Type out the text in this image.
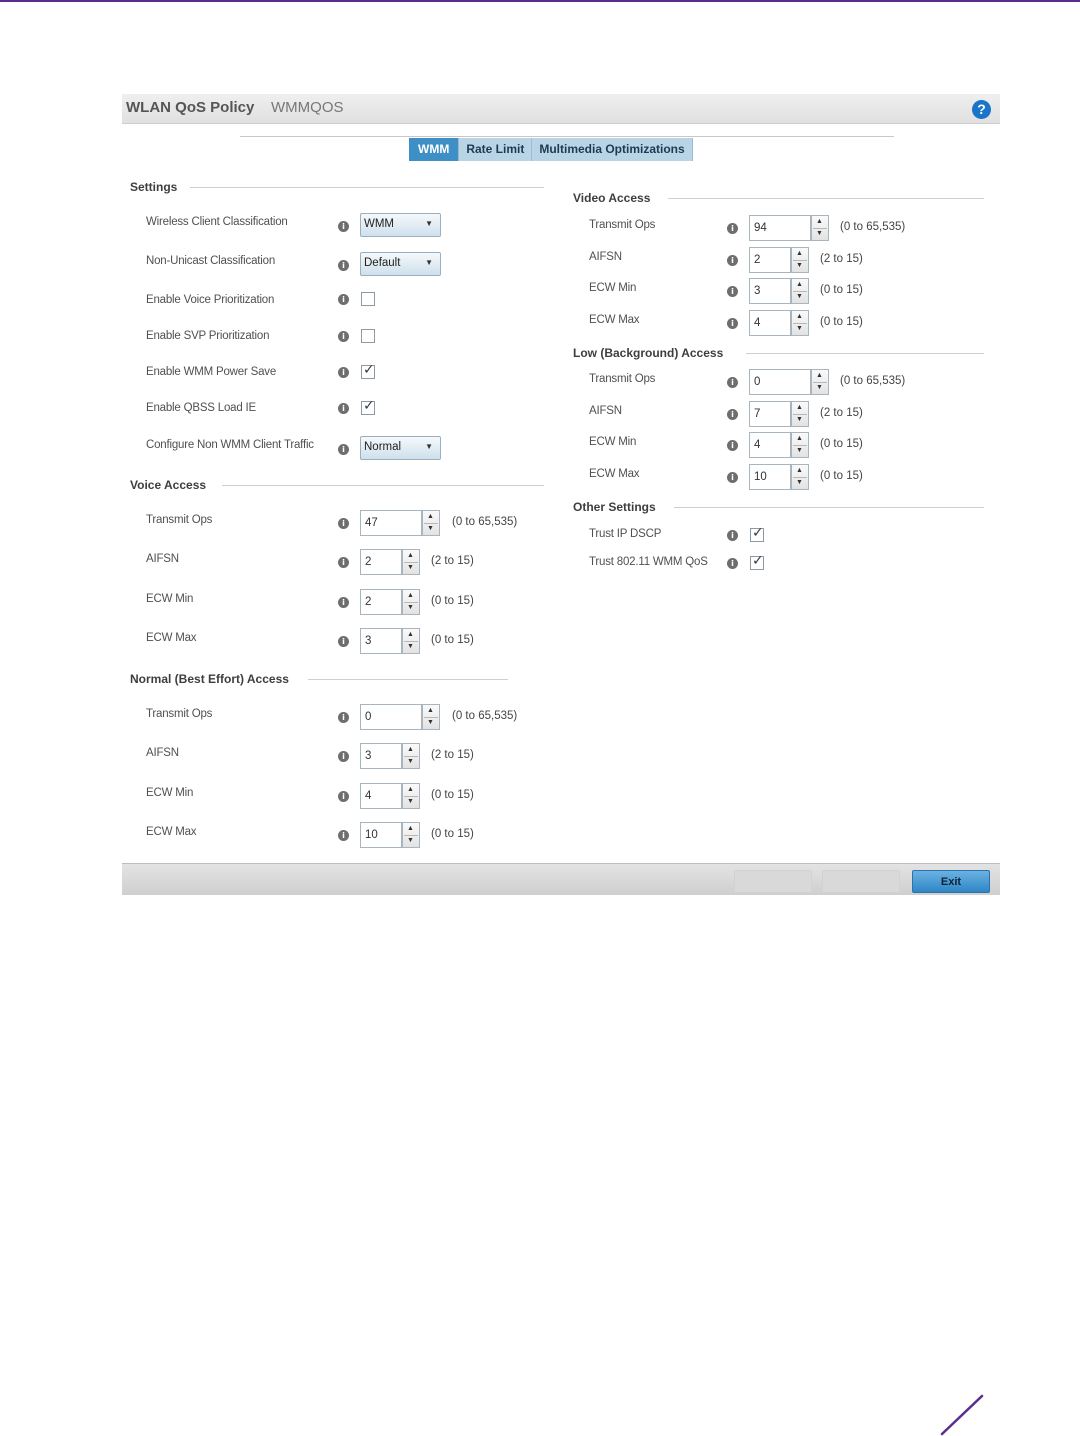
WLAN QoS Policy WMMQOS	?
WMM	Rate Limit	Multimedia Optimizations
Settings
Wireless Client Classification	i	WMM	▼
Non-Unicast Classification	i	Default	▼
Enable Voice Prioritization	i
Enable SVP Prioritization	i
Enable WMM Power Save	i ✓
Enable QBSS Load IE	i ✓
Configure Non WMM Client Traffic	i	Normal	▼
Voice Access
Transmit Ops	i	47
▲
▼
(0 to 65,535)
AIFSN	i	2
▲
▼
(2 to 15)
ECW Min	i	2
▲
▼
(0 to 15)
ECW Max	i	3
▲
▼
(0 to 15)
Normal (Best Effort) Access
Transmit Ops	i	0
▲
▼
(0 to 65,535)
AIFSN	i	3
▲
▼
(2 to 15)
ECW Min	i	4
▲
▼
(0 to 15)
ECW Max	i	10
▲
▼
(0 to 15)
Video Access
Transmit Ops	i	94
▲
▼
(0 to 65,535)
AIFSN	i	2
▲
▼
(2 to 15)
ECW Min	i	3
▲
▼
(0 to 15)
ECW Max	i	4
▲
▼
(0 to 15)
Low (Background) Access
Transmit Ops	i	0
▲
▼
(0 to 65,535)
AIFSN	i	7
▲
▼
(2 to 15)
ECW Min	i	4
▲
▼
(0 to 15)
ECW Max	i	10
▲
▼
(0 to 15)
Other Settings
Trust IP DSCP	i ✓
Trust 802.11 WMM QoS	i ✓
Exit
